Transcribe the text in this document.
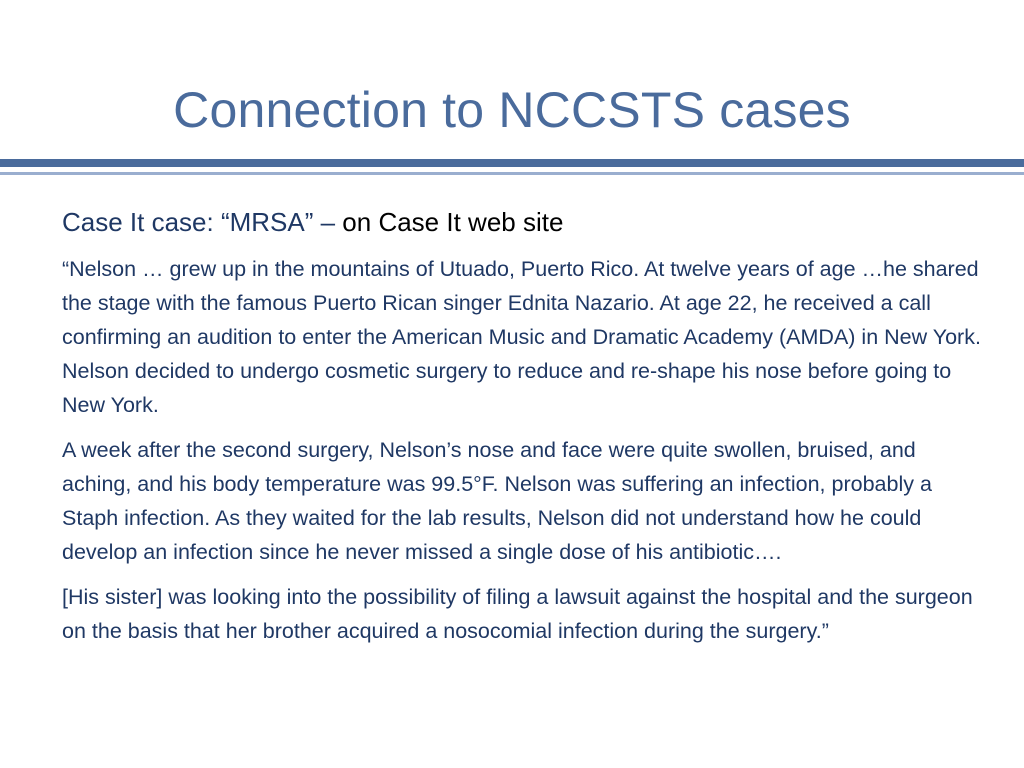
Connection to NCCSTS cases
Case It case: “MRSA” – on Case It web site

“Nelson … grew up in the mountains of Utuado, Puerto Rico. At twelve years of age …he shared the stage with the famous Puerto Rican singer Ednita Nazario. At age 22, he received a call confirming an audition to enter the American Music and Dramatic Academy (AMDA) in New York. Nelson decided to undergo cosmetic surgery to reduce and re-shape his nose before going to New York.

A week after the second surgery, Nelson’s nose and face were quite swollen, bruised, and aching, and his body temperature was 99.5°F. Nelson was suffering an infection, probably a Staph infection. As they waited for the lab results, Nelson did not understand how he could develop an infection since he never missed a single dose of his antibiotic….

[His sister] was looking into the possibility of filing a lawsuit against the hospital and the surgeon on the basis that her brother acquired a nosocomial infection during the surgery.”
